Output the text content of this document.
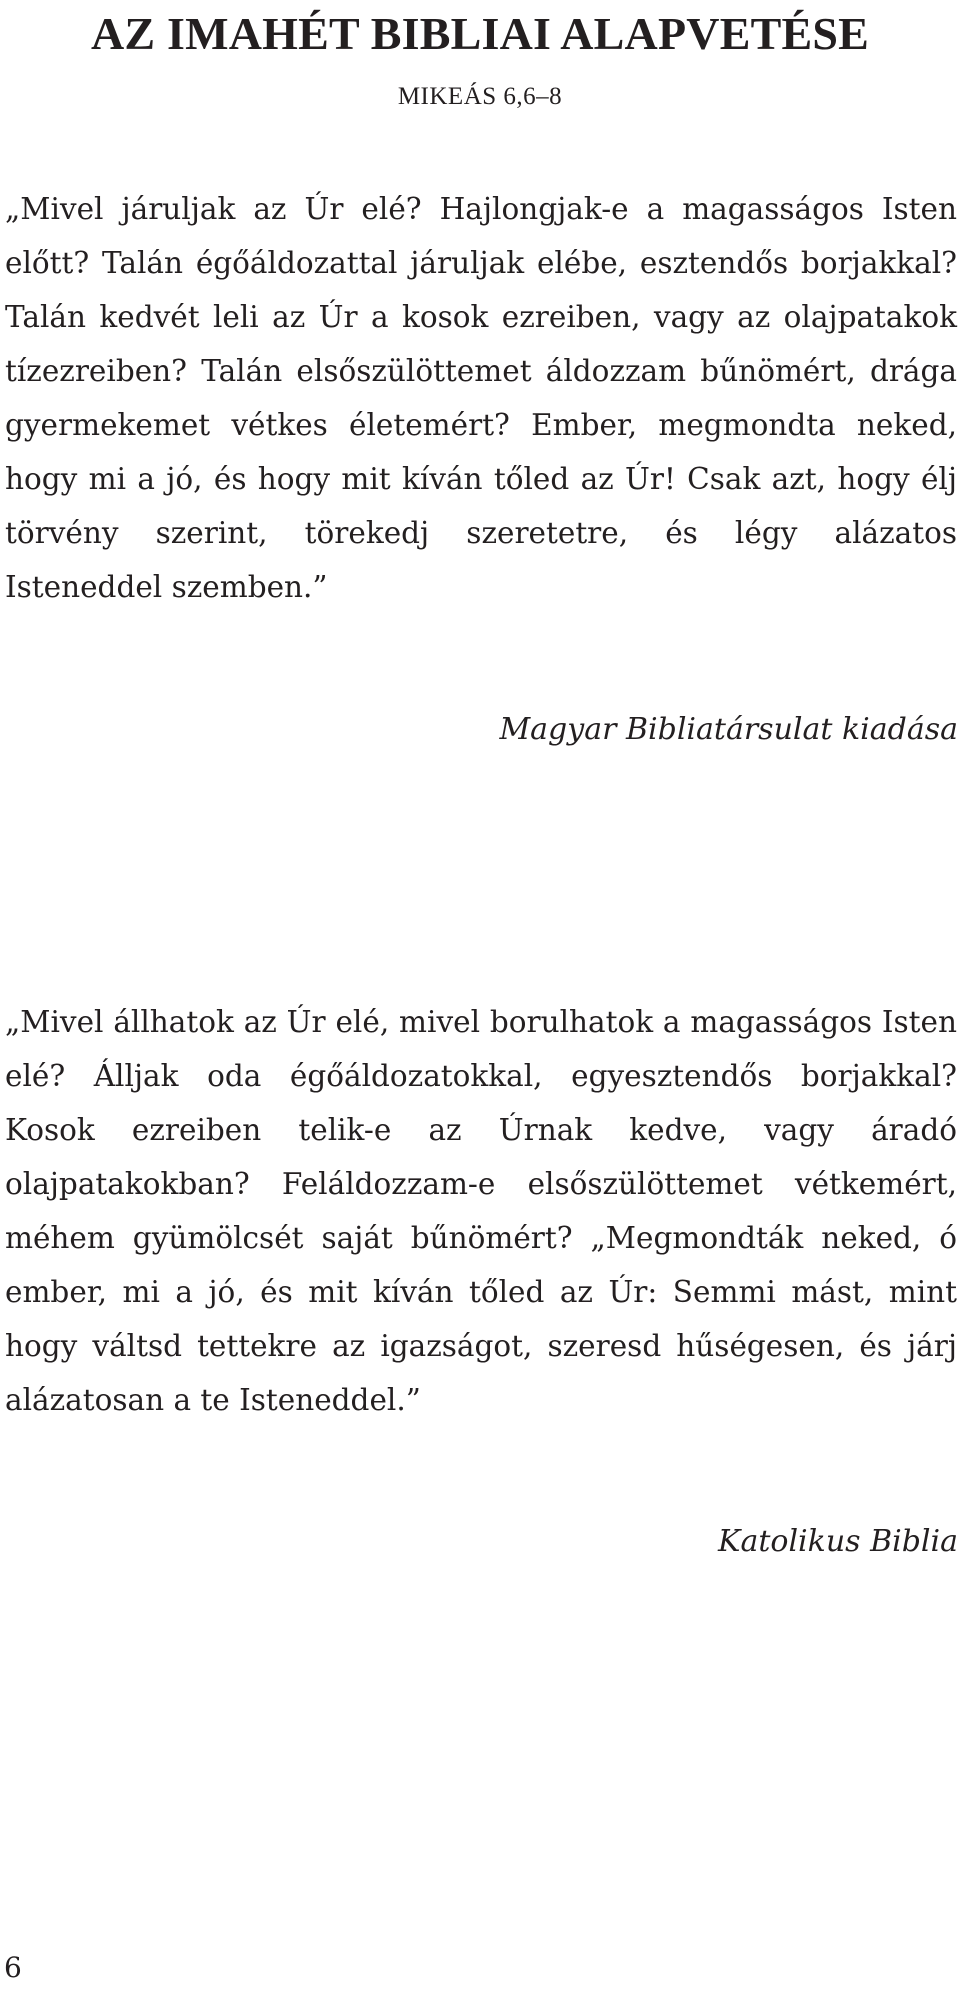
AZ IMAHÉT BIBLIAI ALAPVETÉSE
MIKEÁS 6,6–8

„Mivel járuljak az Úr elé? Hajlongjak-e a magasságos Isten előtt? Talán égőáldozattal járuljak elébe, esztendős borjakkal? Talán kedvét leli az Úr a kosok ezreiben, vagy az olajpatakok tízezreiben? Talán elsőszülöttemet áldozzam bűnömért, drága gyermekemet vétkes életemért? Ember, megmondta neked, hogy mi a jó, és hogy mit kíván tőled az Úr! Csak azt, hogy élj törvény szerint, törekedj szeretetre, és légy alázatos Isteneddel szemben.”

Magyar Bibliatársulat kiadása

„Mivel állhatok az Úr elé, mivel borulhatok a magasságos Isten elé? Álljak oda égőáldozatokkal, egyesztendős borjakkal? Kosok ezreiben telik-e az Úrnak kedve, vagy áradó olajpatakokban? Feláldozzam-e elsőszülöttemet vétkemért, méhem gyümölcsét saját bűnömért? „Megmondták neked, ó ember, mi a jó, és mit kíván tőled az Úr: Semmi mást, mint hogy váltsd tettekre az igazságot, szeresd hűségesen, és járj alázatosan a te Isteneddel.”

Katolikus Biblia
6
